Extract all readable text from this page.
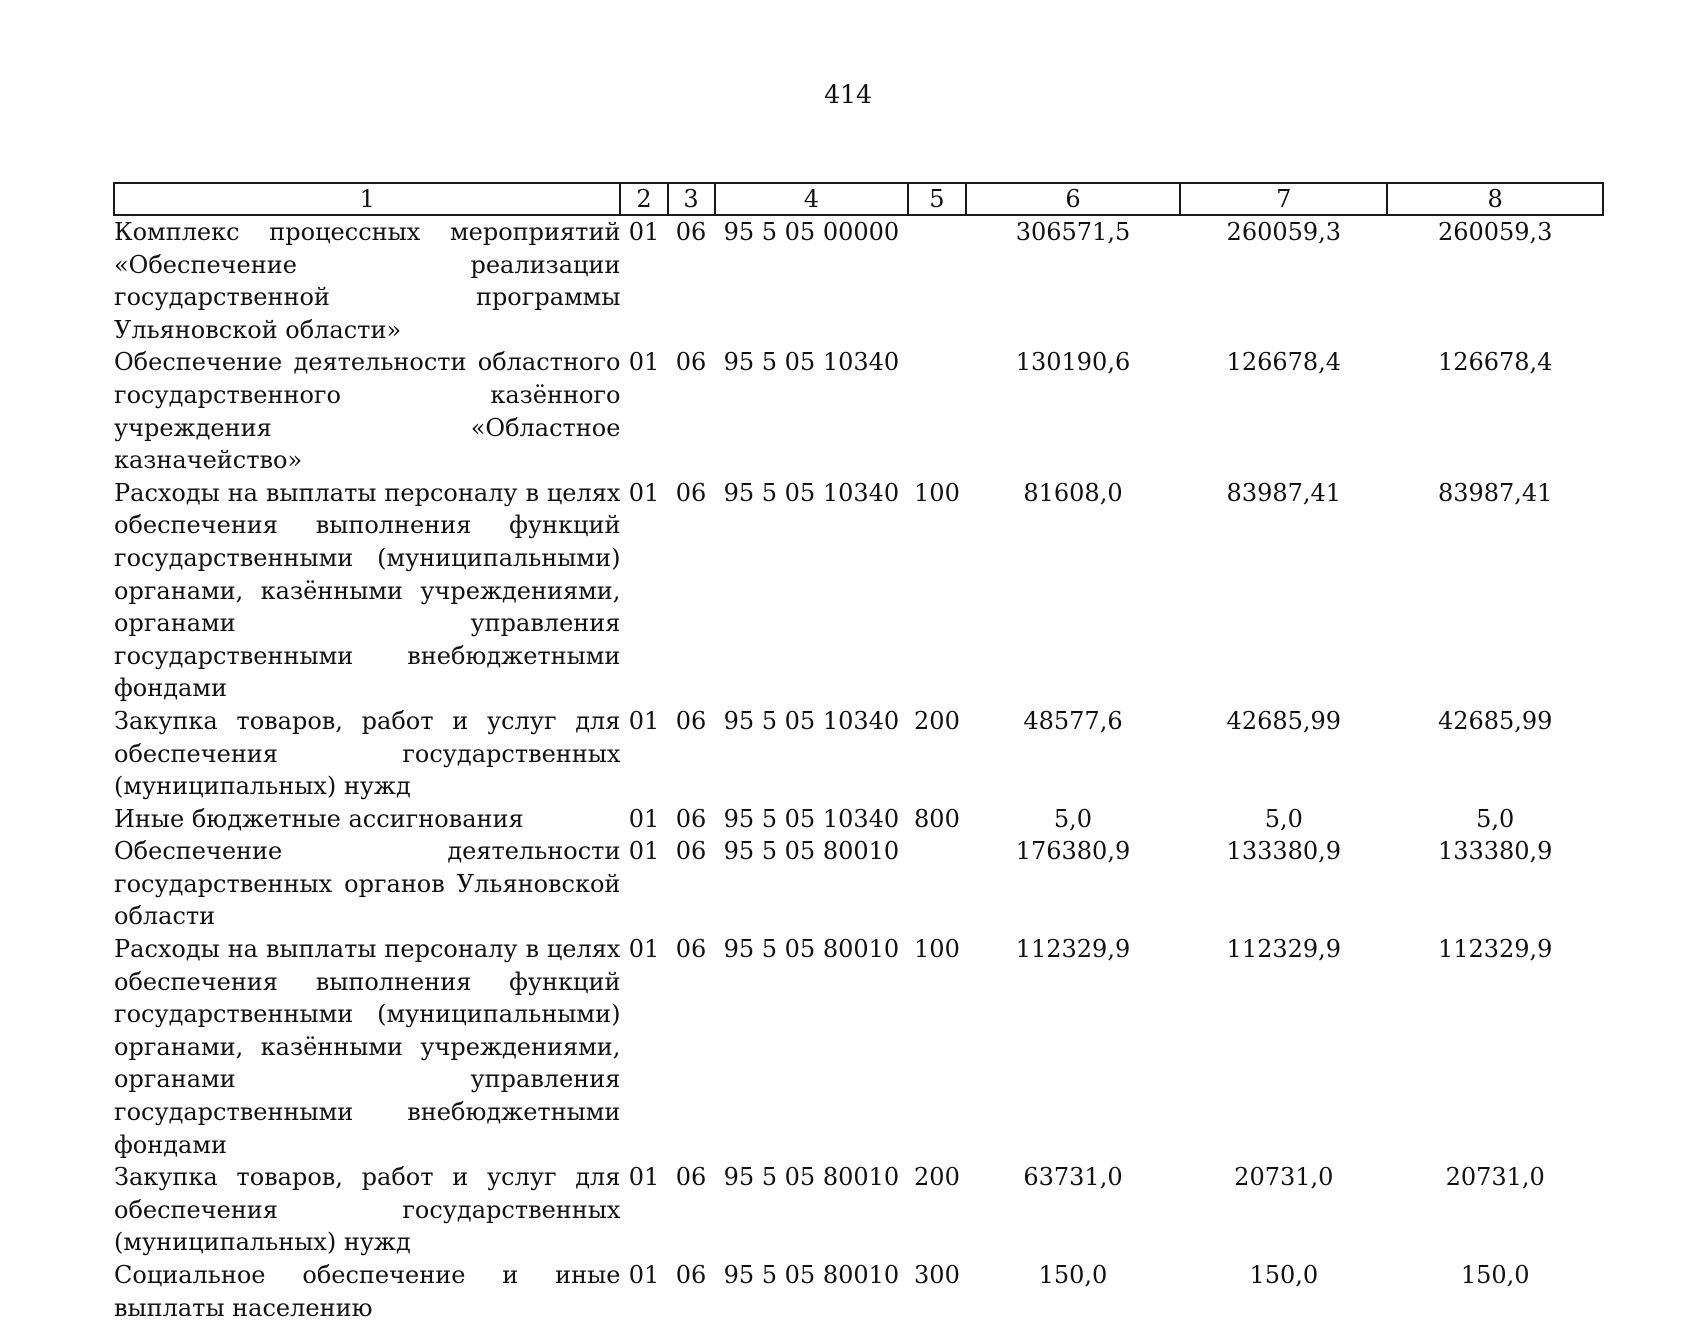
414
1	2	3	4	5	6	7	8
Комплекс процессных мероприятий «Обеспечение реализации государственной программы Ульяновской области»	01	06	95 5 05 00000		306571,5	260059,3	260059,3
Обеспечение деятельности областного государственного казённого учреждения «Областное казначейство»	01	06	95 5 05 10340		130190,6	126678,4	126678,4
Расходы на выплаты персоналу в целях обеспечения выполнения функций государственными (муниципальными) органами, казёнными учреждениями, органами управления государственными внебюджетными фондами	01	06	95 5 05 10340	100	81608,0	83987,41	83987,41
Закупка товаров, работ и услуг для обеспечения государственных (муниципальных) нужд	01	06	95 5 05 10340	200	48577,6	42685,99	42685,99
Иные бюджетные ассигнования	01	06	95 5 05 10340	800	5,0	5,0	5,0
Обеспечение деятельности государственных органов Ульяновской области	01	06	95 5 05 80010		176380,9	133380,9	133380,9
Расходы на выплаты персоналу в целях обеспечения выполнения функций государственными (муниципальными) органами, казёнными учреждениями, органами управления государственными внебюджетными фондами	01	06	95 5 05 80010	100	112329,9	112329,9	112329,9
Закупка товаров, работ и услуг для обеспечения государственных (муниципальных) нужд	01	06	95 5 05 80010	200	63731,0	20731,0	20731,0
Социальное обеспечение и иные выплаты населению	01	06	95 5 05 80010	300	150,0	150,0	150,0
